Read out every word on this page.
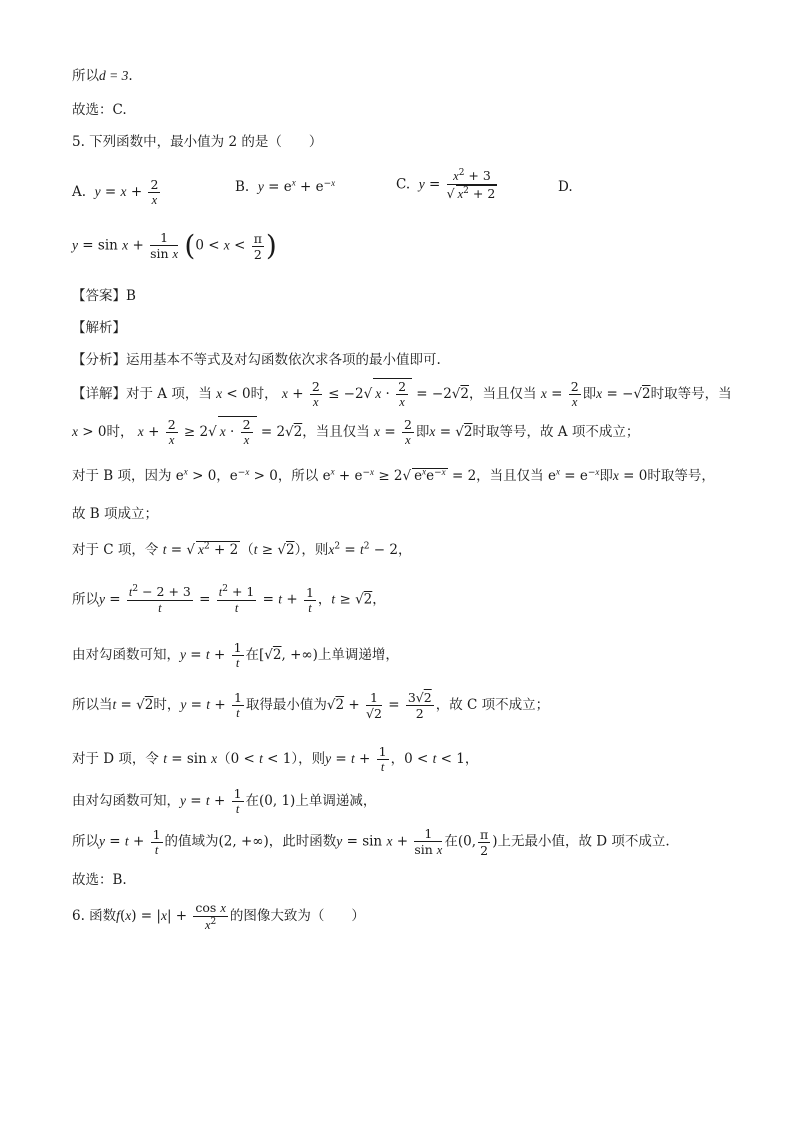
所以d = 3.
故选：C.
5. 下列函数中，最小值为 2 的是（　　）
A. $y = x + \frac{2}{x}$	B. $y = e^x + e^{-x}$	C. $y = \frac{x^2 + 3}{√ x^2 + 2}$	D.
$y = \sin x + \frac{1}{\text{sin x}} (0 < x < \frac{\pi}{2}$ )
【答案】B
【解析】
【分析】运用基本不等式及对勾函数依次求各项的最小值即可.
【详解】对于 A 项，当 x < 0时， $x + \frac{2}{x} \le -2√$ $x \cdot \frac{2}{x} = -2√2$，当且仅当 $x = \frac{2}{x}$ 即x = −√2时取等号，当
x > 0时， $x + \frac{2}{x} \ge 2√$ $x \cdot \frac{2}{x} = 2√2$，当且仅当 $x = \frac{2}{x}$ 即x = √2时取等号，故 A 项不成立；
对于 B 项，因为 $e^x > 0$，$e^{-x} > 0$，所以 $e^x + e^{-x} \ge 2√$ $e^xe^{-x} = 2$，当且仅当 $e^x = e^{-x}$即x = 0时取等号，
故 B 项成立；
对于 C 项，令 t = √ $x^2 + 2$ （t ≥ √2），则$x^2 = t^2 - 2$，
所以$y = \frac{t^2 - 2 + 3}{t} = \frac{t^2 + 1}{t} = t + \frac{1}{t}$ ，t ≥ √2，
由对勾函数可知，$y = t + \frac{1}{t}$ 在[√2, +∞)上单调递增，
所以当t = √2时，$y = t + \frac{1}{t}$ 取得最小值为$√2 + \frac{1}{√2} = \frac{3√2}{2}$ ，故 C 项不成立；
对于 D 项，令 t = sin x（0 < t < 1），则$y = t + \frac{1}{t}$ ，0 < t < 1，
由对勾函数可知，$y = t + \frac{1}{t}$ 在(0, 1)上单调递减，
所以$y = t + \frac{1}{t}$ 的值域为(2, +∞)，此时函数$y = \sin x + \frac{1}{\text{sin x}}$ 在(0, $\frac{\pi}{2}$ )上无最小值，故 D 项不成立.
故选：B.
6. 函数$f(x) = |x| + \frac{\text{cos x}}{x^2}$ 的图像大致为（　　）
